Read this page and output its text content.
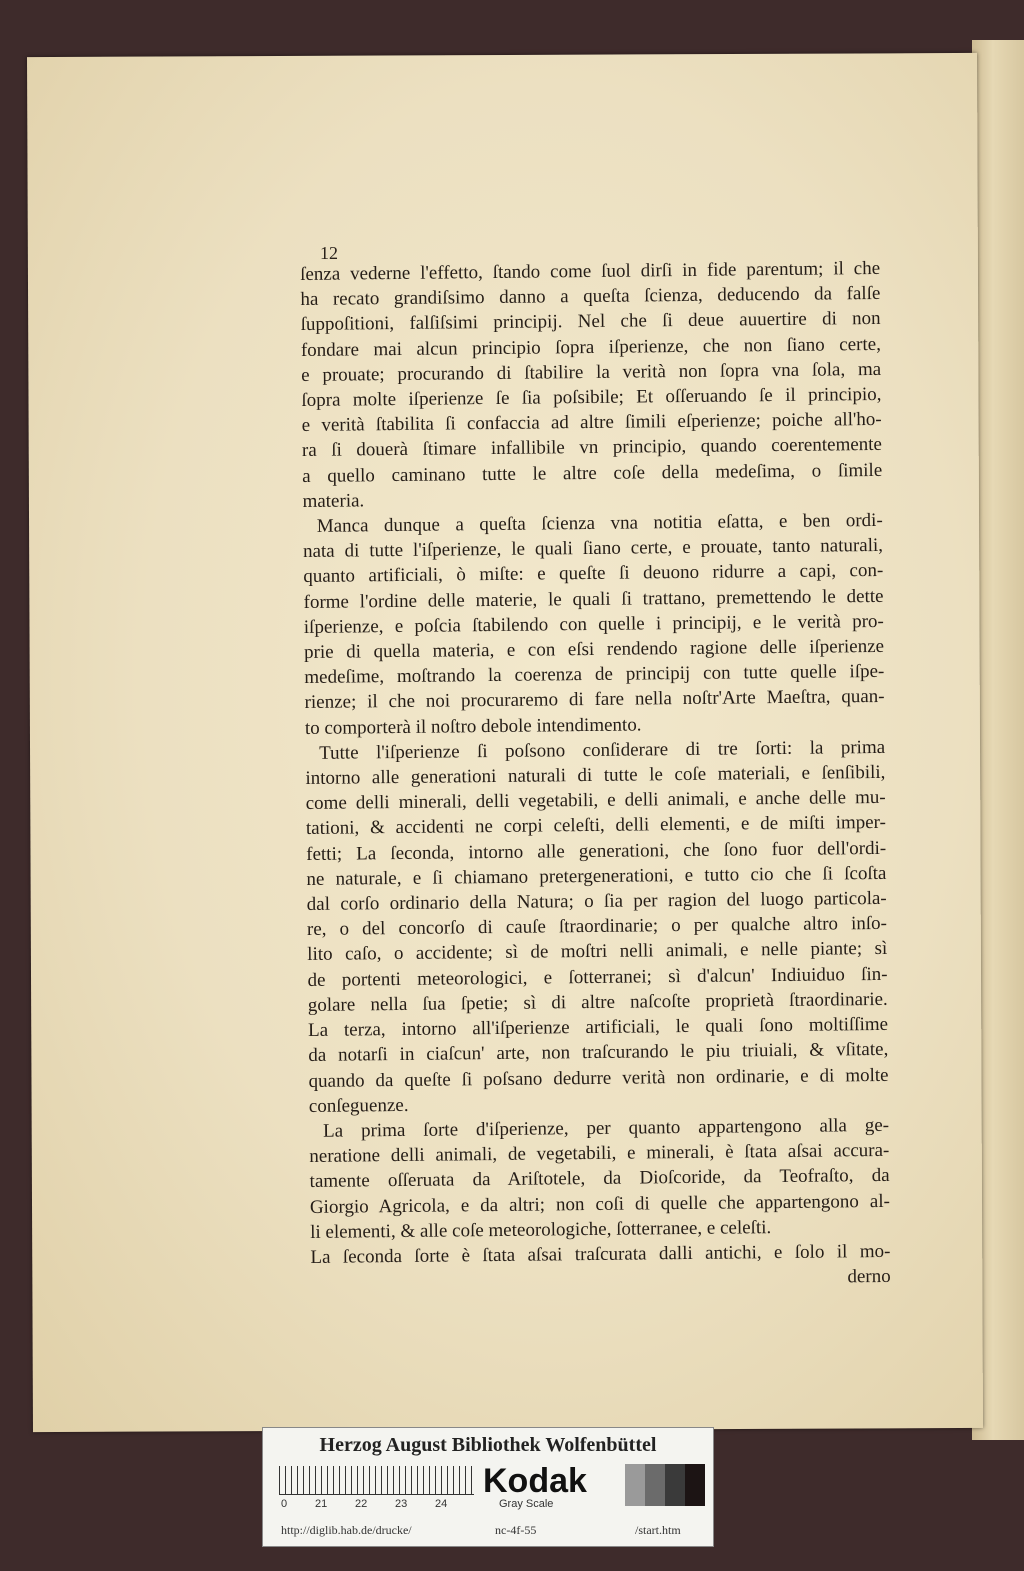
12
ſenza vederne l'effetto, ſtando come ſuol dirſi in fide parentum; il che
ha recato grandiſsimo danno a queſta ſcienza, deducendo da falſe
ſuppoſitioni, falſiſsimi principij. Nel che ſi deue auuertire di non
fondare mai alcun principio ſopra iſperienze, che non ſiano certe,
e prouate; procurando di ſtabilire la verità non ſopra vna ſola, ma
ſopra molte iſperienze ſe ſia poſsibile; Et oſſeruando ſe il principio,
e verità ſtabilita ſi confaccia ad altre ſimili eſperienze; poiche all'ho-
ra ſi douerà ſtimare infallibile vn principio, quando coerentemente
a quello caminano tutte le altre coſe della medeſima, o ſimile
materia.
Manca dunque a queſta ſcienza vna notitia eſatta, e ben ordi-
nata di tutte l'iſperienze, le quali ſiano certe, e prouate, tanto naturali,
quanto artificiali, ò miſte: e queſte ſi deuono ridurre a capi, con-
forme l'ordine delle materie, le quali ſi trattano, premettendo le dette
iſperienze, e poſcia ſtabilendo con quelle i principij, e le verità pro-
prie di quella materia, e con eſsi rendendo ragione delle iſperienze
medeſime, moſtrando la coerenza de principij con tutte quelle iſpe-
rienze; il che noi procuraremo di fare nella noſtr'Arte Maeſtra, quan-
to comporterà il noſtro debole intendimento.
Tutte l'iſperienze ſi poſsono conſiderare di tre ſorti: la prima
intorno alle generationi naturali di tutte le coſe materiali, e ſenſibili,
come delli minerali, delli vegetabili, e delli animali, e anche delle mu-
tationi, & accidenti ne corpi celeſti, delli elementi, e de miſti imper-
fetti; La ſeconda, intorno alle generationi, che ſono fuor dell'ordi-
ne naturale, e ſi chiamano pretergenerationi, e tutto cio che ſi ſcoſta
dal corſo ordinario della Natura; o ſia per ragion del luogo particola-
re, o del concorſo di cauſe ſtraordinarie; o per qualche altro inſo-
lito caſo, o accidente; sì de moſtri nelli animali, e nelle piante; sì
de portenti meteorologici, e ſotterranei; sì d'alcun' Indiuiduo ſin-
golare nella ſua ſpetie; sì di altre naſcoſte proprietà ſtraordinarie.
La terza, intorno all'iſperienze artificiali, le quali ſono moltiſſime
da notarſi in ciaſcun' arte, non traſcurando le piu triuiali, & vſitate,
quando da queſte ſi poſsano dedurre verità non ordinarie, e di molte
conſeguenze.
La prima ſorte d'iſperienze, per quanto appartengono alla ge-
neratione delli animali, de vegetabili, e minerali, è ſtata aſsai accura-
tamente oſſeruata da Ariſtotele, da Dioſcoride, da Teofraſto, da
Giorgio Agricola, e da altri; non coſi di quelle che appartengono al-
li elementi, & alle coſe meteorologiche, ſotterranee, e celeſti.
La ſeconda ſorte è ſtata aſsai traſcurata dalli antichi, e ſolo il mo-
derno
Herzog August Bibliothek Wolfenbüttel
0	21	22	23	24
Kodak
Gray Scale
http://diglib.hab.de/drucke/	nc-4f-55	/start.htm
